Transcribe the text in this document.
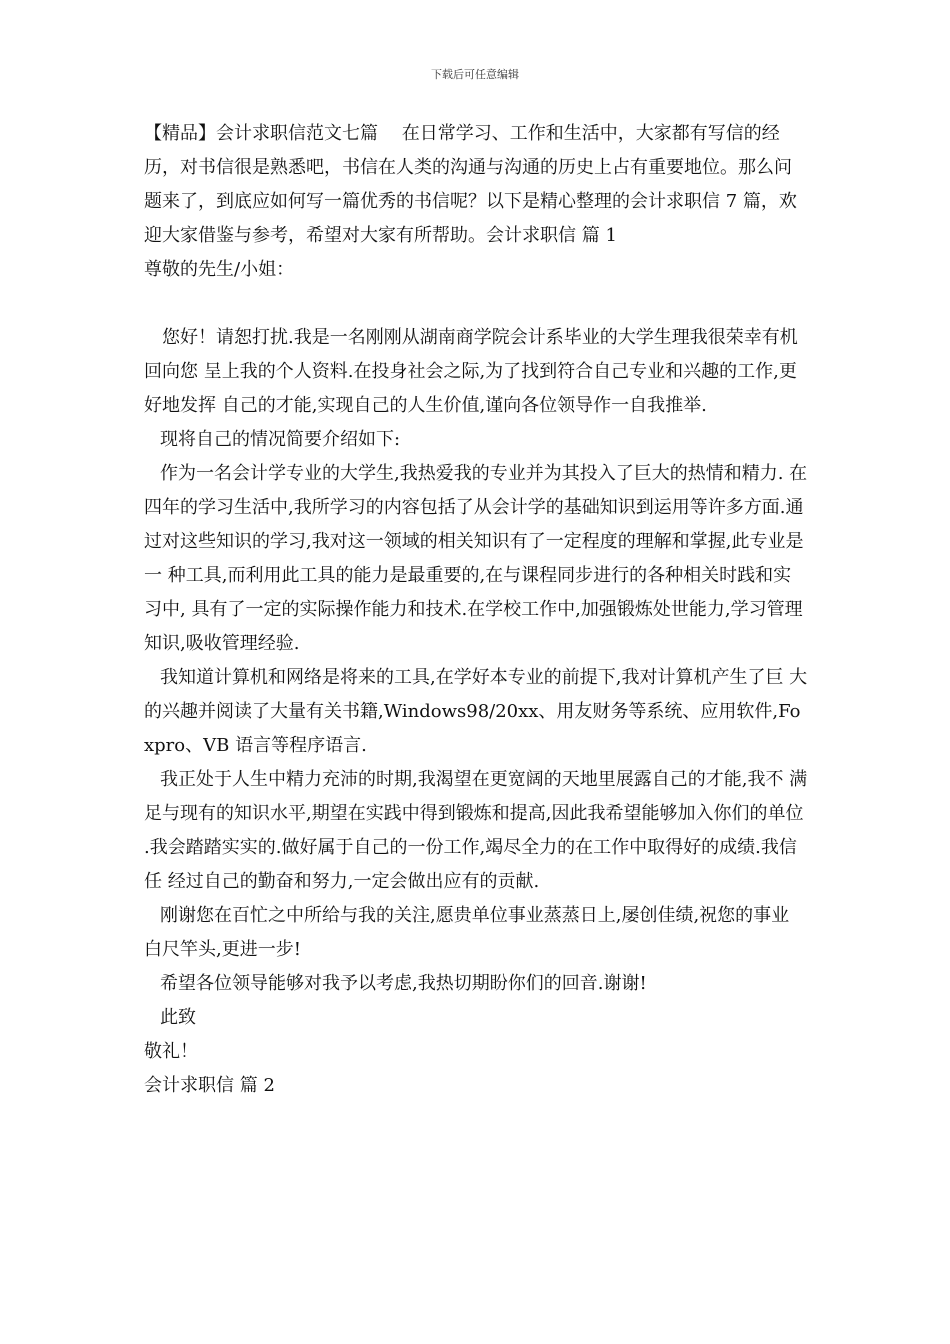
下载后可任意编辑

【精品】会计求职信范文七篇　 在日常学习、工作和生活中，大家都有写信的经历，对书信很是熟悉吧，书信在人类的沟通与沟通的历史上占有重要地位。那么问题来了，到底应如何写一篇优秀的书信呢？以下是精心整理的会计求职信 7 篇，欢迎大家借鉴与参考，希望对大家有所帮助。会计求职信 篇 1

尊敬的先生/小姐：

您好！请恕打扰.我是一名刚刚从湖南商学院会计系毕业的大学生理我很荣幸有机回向您 呈上我的个人资料.在投身社会之际,为了找到符合自己专业和兴趣的工作,更好地发挥 自己的才能,实现自己的人生价值,谨向各位领导作一自我推举.

现将自己的情况简要介绍如下:

作为一名会计学专业的大学生,我热爱我的专业并为其投入了巨大的热情和精力. 在四年的学习生活中,我所学习的内容包括了从会计学的基础知识到运用等许多方面.通 过对这些知识的学习,我对这一领域的相关知识有了一定程度的理解和掌握,此专业是一 种工具,而利用此工具的能力是最重要的,在与课程同步进行的各种相关时践和实习中, 具有了一定的实际操作能力和技术.在学校工作中,加强锻炼处世能力,学习管理知识,吸收管理经验.

我知道计算机和网络是将来的工具,在学好本专业的前提下,我对计算机产生了巨 大的兴趣并阅读了大量有关书籍,Windows98/20xx、用友财务等系统、应用软件,Foxpro、VB 语言等程序语言.

我正处于人生中精力充沛的时期,我渴望在更宽阔的天地里展露自己的才能,我不 满足与现有的知识水平,期望在实践中得到锻炼和提高,因此我希望能够加入你们的单位 .我会踏踏实实的.做好属于自己的一份工作,竭尽全力的在工作中取得好的成绩.我信任 经过自己的勤奋和努力,一定会做出应有的贡献.

刚谢您在百忙之中所给与我的关注,愿贵单位事业蒸蒸日上,屡创佳绩,祝您的事业 白尺竿头,更进一步!

希望各位领导能够对我予以考虑,我热切期盼你们的回音.谢谢!

此致

敬礼！

会计求职信 篇 2
